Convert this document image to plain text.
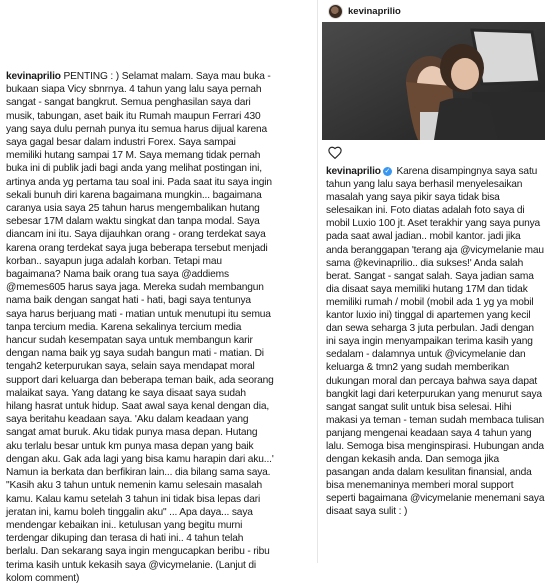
kevinaprilio PENTING : ) Selamat malam. Saya mau buka - bukaan siapa Vicy sbnrnya. 4 tahun yang lalu saya pernah sangat - sangat bangkrut. Semua penghasilan saya dari musik, tabungan, aset baik itu Rumah maupun Ferrari 430 yang saya dulu pernah punya itu semua harus dijual karena saya gagal besar dalam industri Forex. Saya sampai memiliki hutang sampai 17 M. Saya memang tidak pernah buka ini di publik jadi bagi anda yang melihat postingan ini, artinya anda yg pertama tau soal ini. Pada saat itu saya ingin sekali bunuh diri karena bagaimana mungkin... bagaimana caranya usia saya 25 tahun harus mengembalikan hutang sebesar 17M dalam waktu singkat dan tanpa modal. Saya diancam ini itu. Saya dijauhkan orang - orang terdekat saya karena orang terdekat saya juga beberapa tersebut menjadi korban.. sayapun juga adalah korban. Tetapi mau bagaimana? Nama baik orang tua saya @addiems @memes605 harus saya jaga. Mereka sudah membangun nama baik dengan sangat hati - hati, bagi saya tentunya saya harus berjuang mati - matian untuk menutupi itu semua tanpa tercium media. Karena sekalinya tercium media hancur sudah kesempatan saya untuk membangun karir dengan nama baik yg saya sudah bangun mati - matian. Di tengah2 keterpurukan saya, selain saya mendapat moral support dari keluarga dan beberapa teman baik, ada seorang malaikat saya. Yang datang ke saya disaat saya sudah hilang hasrat untuk hidup. Saat awal saya kenal dengan dia, saya beritahu keadaan saya. 'Aku dalam keadaan yang sangat amat buruk. Aku tidak punya masa depan. Hutang aku terlalu besar untuk km punya masa depan yang baik dengan aku. Gak ada lagi yang bisa kamu harapin dari aku...' Namun ia berkata dan berfikiran lain... dia bilang sama saya. "Kasih aku 3 tahun untuk nemenin kamu selesain masalah kamu. Kalau kamu setelah 3 tahun ini tidak bisa lepas dari jeratan ini, kamu boleh tinggalin aku" ... Apa daya... saya mendengar kebaikan ini.. ketulusan yang begitu murni terdengar dikuping dan terasa di hati ini.. 4 tahun telah berlalu. Dan sekarang saya ingin mengucapkan beribu - ribu terima kasih untuk kekasih saya @vicymelanie. (Lanjut di kolom comment)
kevinaprilio
kevinaprilio ✓ Karena disampingnya saya satu tahun yang lalu saya berhasil menyelesaikan masalah yang saya pikir saya tidak bisa selesaikan ini. Foto diatas adalah foto saya di mobil Luxio 100 jt. Aset terakhir yang saya punya pada saat awal jadian.. mobil kantor. jadi jika anda beranggapan 'terang aja @vicymelanie mau sama @kevinaprilio.. dia sukses!' Anda salah berat. Sangat - sangat salah. Saya jadian sama dia disaat saya memiliki hutang 17M dan tidak memiliki rumah / mobil (mobil ada 1 yg ya mobil kantor luxio ini) tinggal di apartemen yang kecil dan sewa seharga 3 juta perbulan. Jadi dengan ini saya ingin menyampaikan terima kasih yang sedalam - dalamnya untuk @vicymelanie dan keluarga & tmn2 yang sudah memberikan dukungan moral dan percaya bahwa saya dapat bangkit lagi dari keterpurukan yang menurut saya sangat sangat sulit untuk bisa selesai. Hihi makasi ya teman - teman sudah membaca tulisan panjang mengenai keadaan saya 4 tahun yang lalu. Semoga bisa menginspirasi. Hubungan anda dengan kekasih anda. Dan semoga jika pasangan anda dalam kesulitan finansial, anda bisa menemaninya memberi moral support seperti bagaimana @vicymelanie menemani saya disaat saya sulit : )
